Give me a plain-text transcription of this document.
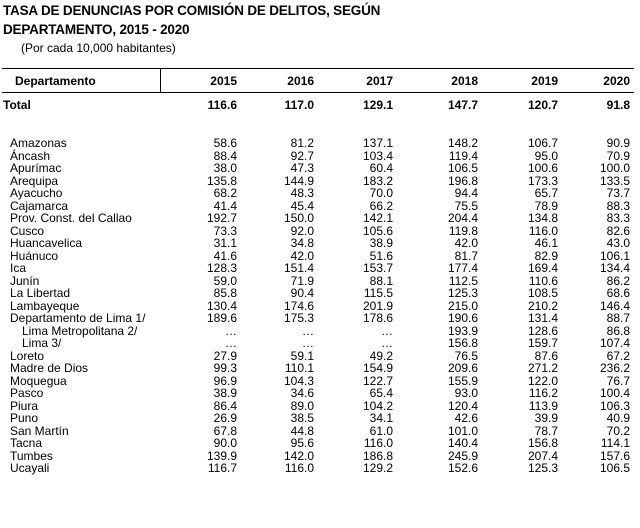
TASA DE DENUNCIAS POR COMISIÓN DE DELITOS, SEGÚN
DEPARTAMENTO, 2015 - 2020
(Por cada 10,000 habitantes)
Departamento	2015	2016	2017	2018	2019	2020
Total	116.6	117.0	129.1	147.7	120.7	91.8
Amazonas	58.6	81.2	137.1	148.2	106.7	90.9
Áncash	88.4	92.7	103.4	119.4	95.0	70.9
Apurímac	38.0	47.3	60.4	106.5	100.6	100.0
Arequipa	135.8	144.9	183.2	196.8	173.3	133.5
Ayacucho	68.2	48.3	70.0	94.4	65.7	73.7
Cajamarca	41.4	45.4	66.2	75.5	78.9	88.3
Prov. Const. del Callao	192.7	150.0	142.1	204.4	134.8	83.3
Cusco	73.3	92.0	105.6	119.8	116.0	82.6
Huancavelica	31.1	34.8	38.9	42.0	46.1	43.0
Huánuco	41.6	42.0	51.6	81.7	82.9	106.1
Ica	128.3	151.4	153.7	177.4	169.4	134.4
Junín	59.0	71.9	88.1	112.5	110.6	86.2
La Libertad	85.8	90.4	115.5	125.3	108.5	68.6
Lambayeque	130.4	174.6	201.9	215.0	210.2	146.4
Departamento de Lima 1/	189.6	175.3	178.6	190.6	131.4	88.7
Lima Metropolitana 2/	…	…	…	193.9	128.6	86.8
Lima 3/	…	…	…	156.8	159.7	107.4
Loreto	27.9	59.1	49.2	76.5	87.6	67.2
Madre de Dios	99.3	110.1	154.9	209.6	271.2	236.2
Moquegua	96.9	104.3	122.7	155.9	122.0	76.7
Pasco	38.9	34.6	65.4	93.0	116.2	100.4
Piura	86.4	89.0	104.2	120.4	113.9	106.3
Puno	26.9	38.5	34.1	42.6	39.9	40.9
San Martín	67.8	44.8	61.0	101.0	78.7	70.2
Tacna	90.0	95.6	116.0	140.4	156.8	114.1
Tumbes	139.9	142.0	186.8	245.9	207.4	157.6
Ucayali	116.7	116.0	129.2	152.6	125.3	106.5
